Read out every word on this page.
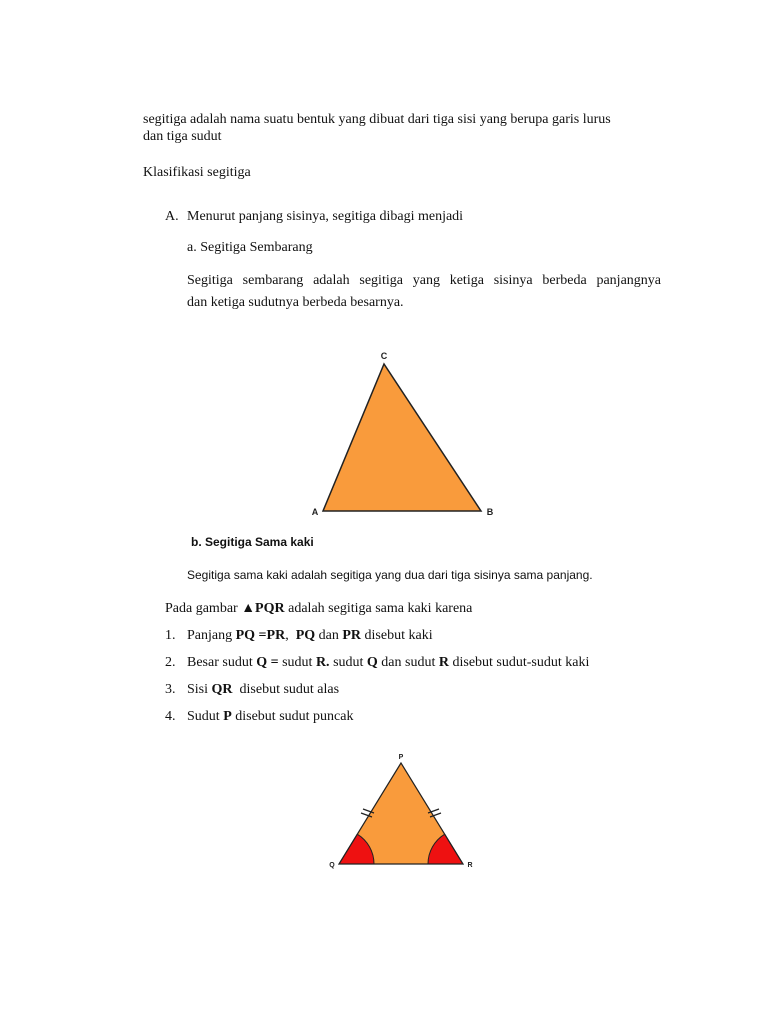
segitiga adalah nama suatu bentuk yang dibuat dari tiga sisi yang berupa garis lurus
dan tiga sudut
Klasifikasi segitiga
A. Menurut panjang sisinya, segitiga dibagi menjadi
a. Segitiga Sembarang
Segitiga sembarang adalah segitiga yang ketiga sisinya berbeda panjangnya
dan ketiga sudutnya berbeda besarnya.
C
A	B
b. Segitiga Sama kaki
Segitiga sama kaki adalah segitiga yang dua dari tiga sisinya sama panjang.
Pada gambar ▲PQR adalah segitiga sama kaki karena
1. Panjang PQ =PR,  PQ dan PR disebut kaki
2. Besar sudut Q = sudut R. sudut Q dan sudut R disebut sudut-sudut kaki
3. Sisi QR  disebut sudut alas
4. Sudut P disebut sudut puncak
P
Q	R
